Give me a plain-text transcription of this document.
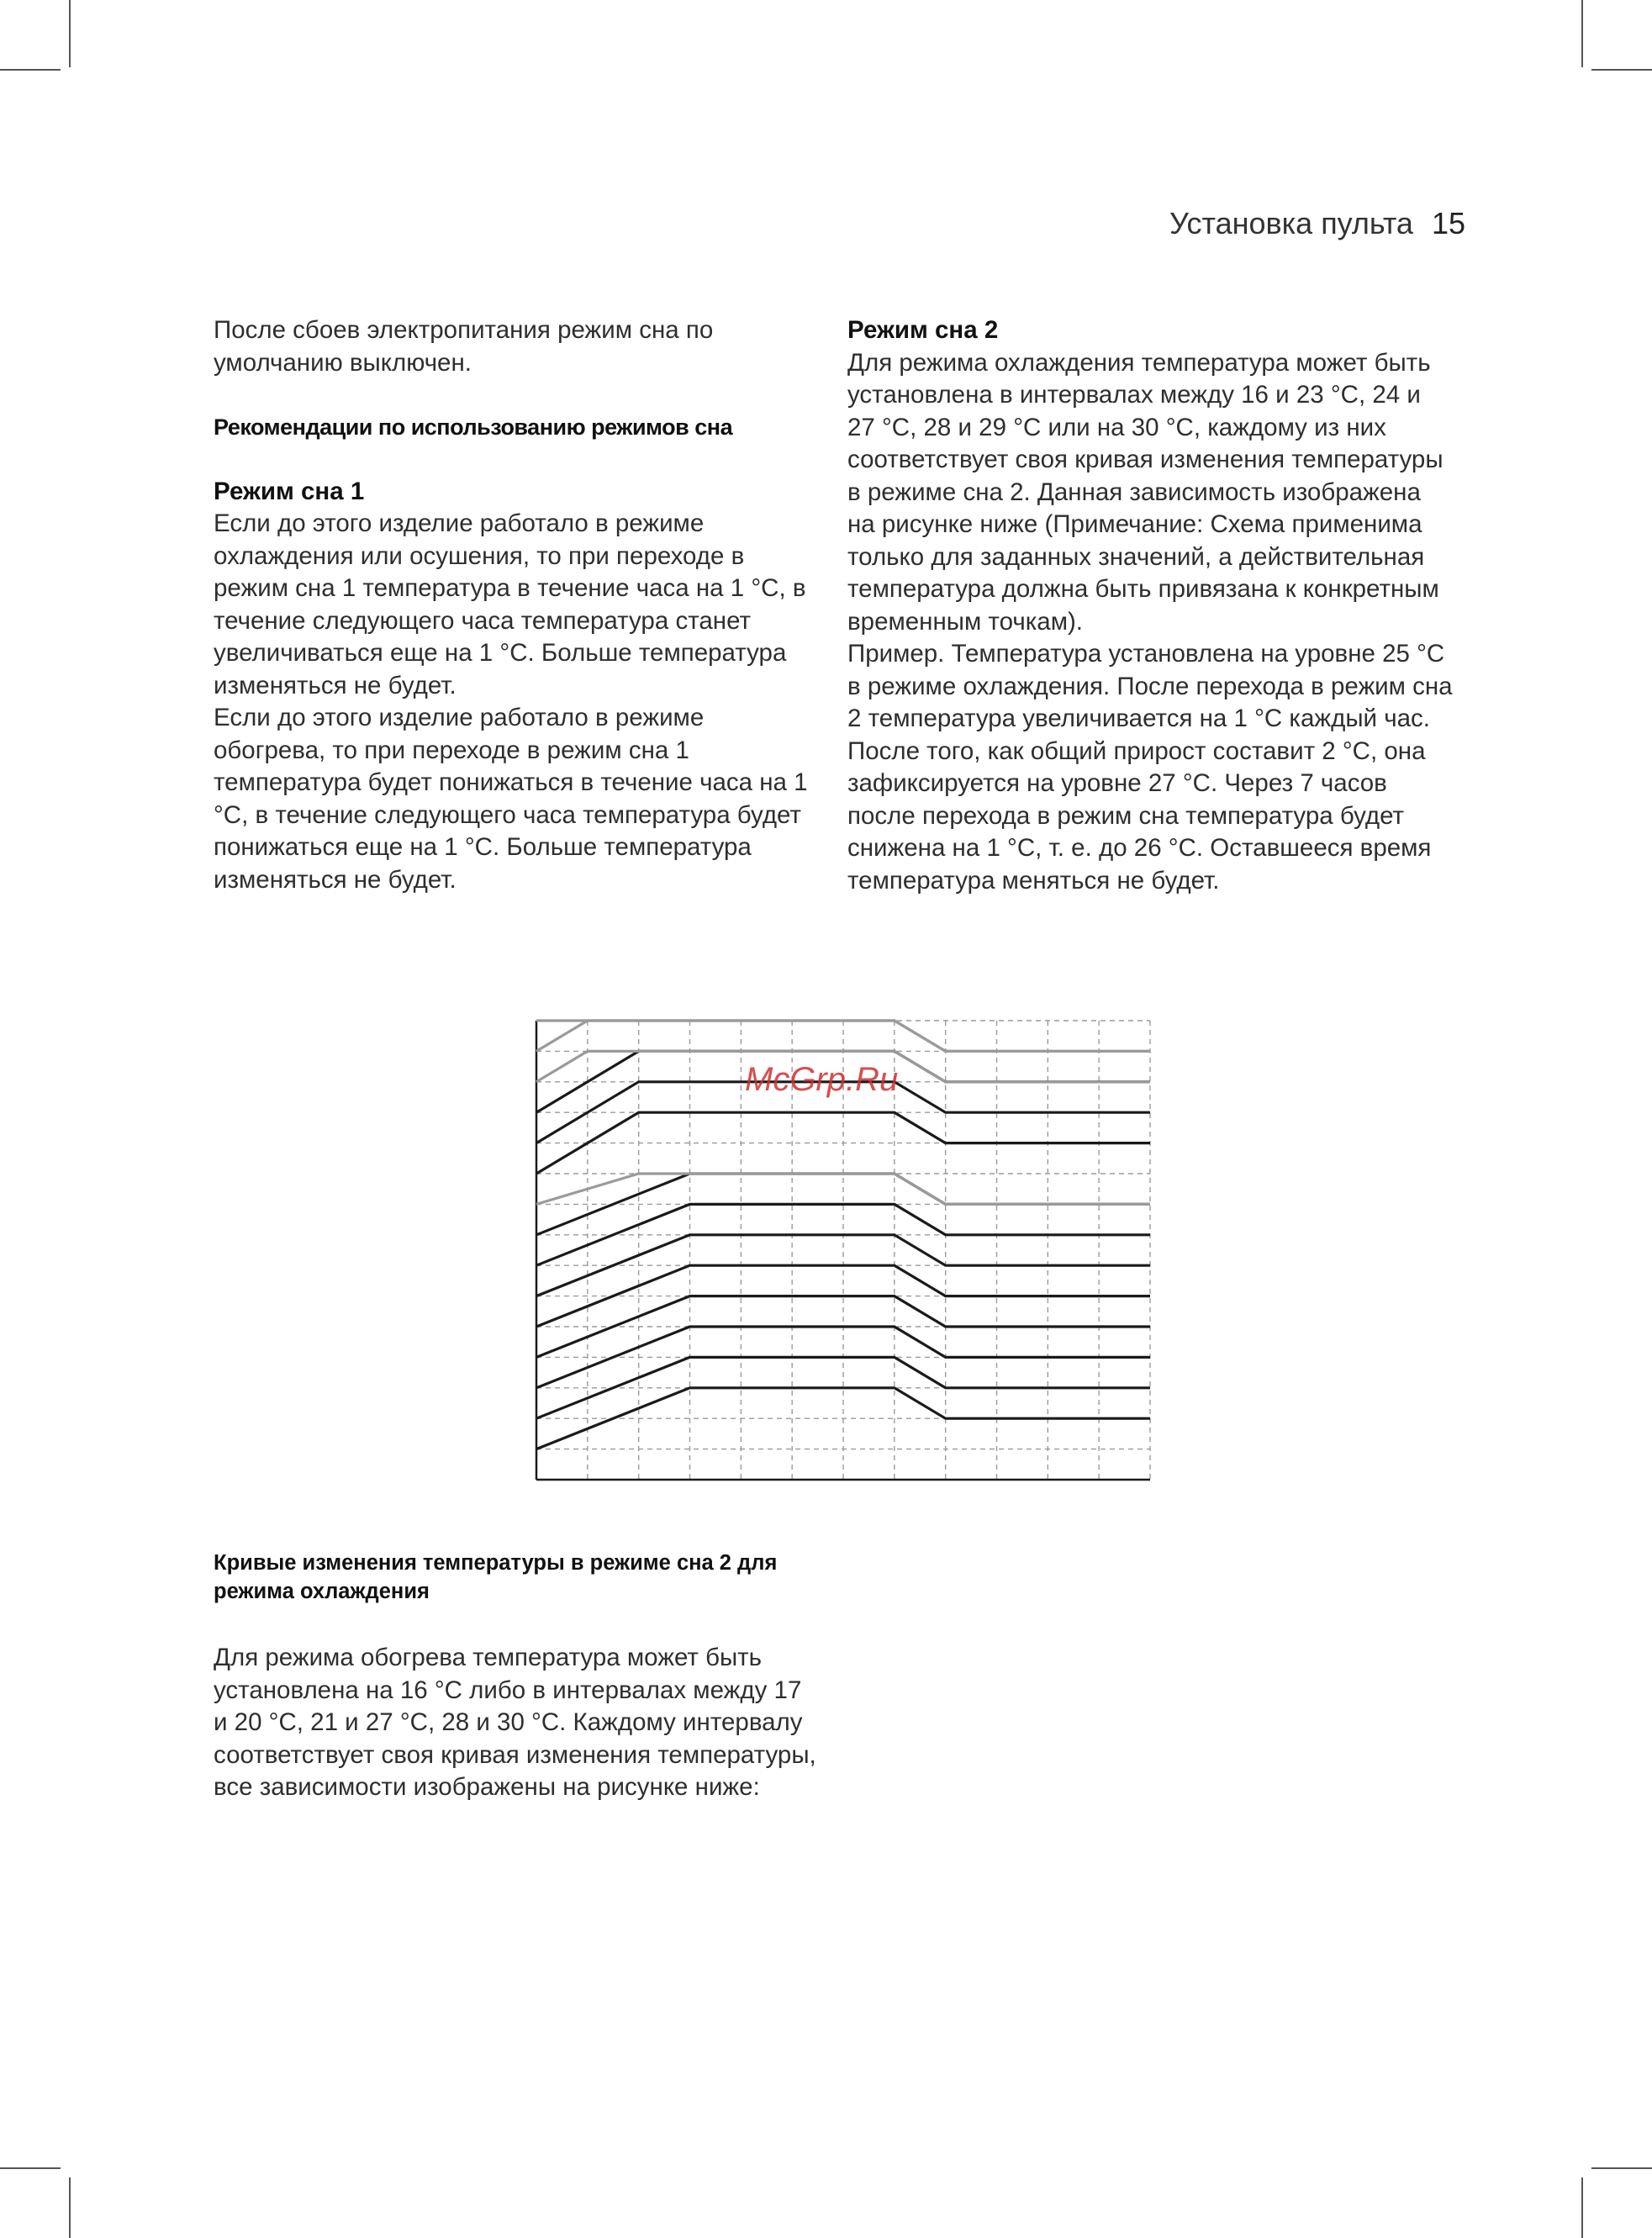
Установка пульта 15

После сбоев электропитания режим сна по умолчанию выключен.

Рекомендации по использованию режимов сна
Режим сна 1

Если до этого изделие работало в режиме охлаждения или осушения, то при переходе в режим сна 1 температура в течение часа на 1 °C, в течение следующего часа температура станет увеличиваться еще на 1 °C. Больше температура изменяться не будет.

Если до этого изделие работало в режиме обогрева, то при переходе в режим сна 1 температура будет понижаться в течение часа на 1 °C, в течение следующего часа температура будет понижаться еще на 1 °C. Больше температура изменяться не будет.

Режим сна 2

Для режима охлаждения температура может быть установлена в интервалах между 16 и 23 °C, 24 и 27 °C, 28 и 29 °C или на 30 °C, каждому из них соответствует своя кривая изменения температуры в режиме сна 2. Данная зависимость изображена на рисунке ниже (Примечание: Схема применима только для заданных значений, а действительная температура должна быть привязана к конкретным временным точкам).

Пример. Температура установлена на уровне 25 °C в режиме охлаждения. После перехода в режим сна 2 температура увеличивается на 1 °C каждый час. После того, как общий прирост составит 2 °C, она зафиксируется на уровне 27 °C. Через 7 часов после перехода в режим сна температура будет снижена на 1 °C, т. е. до 26 °C. Оставшееся время температура меняться не будет.

McGrp.Ru
Кривые изменения температуры в режиме сна 2 для режима охлаждения

Для режима обогрева температура может быть установлена на 16 °C либо в интервалах между 17 и 20 °C, 21 и 27 °C, 28 и 30 °C. Каждому интервалу соответствует своя кривая изменения температуры, все зависимости изображены на рисунке ниже:
